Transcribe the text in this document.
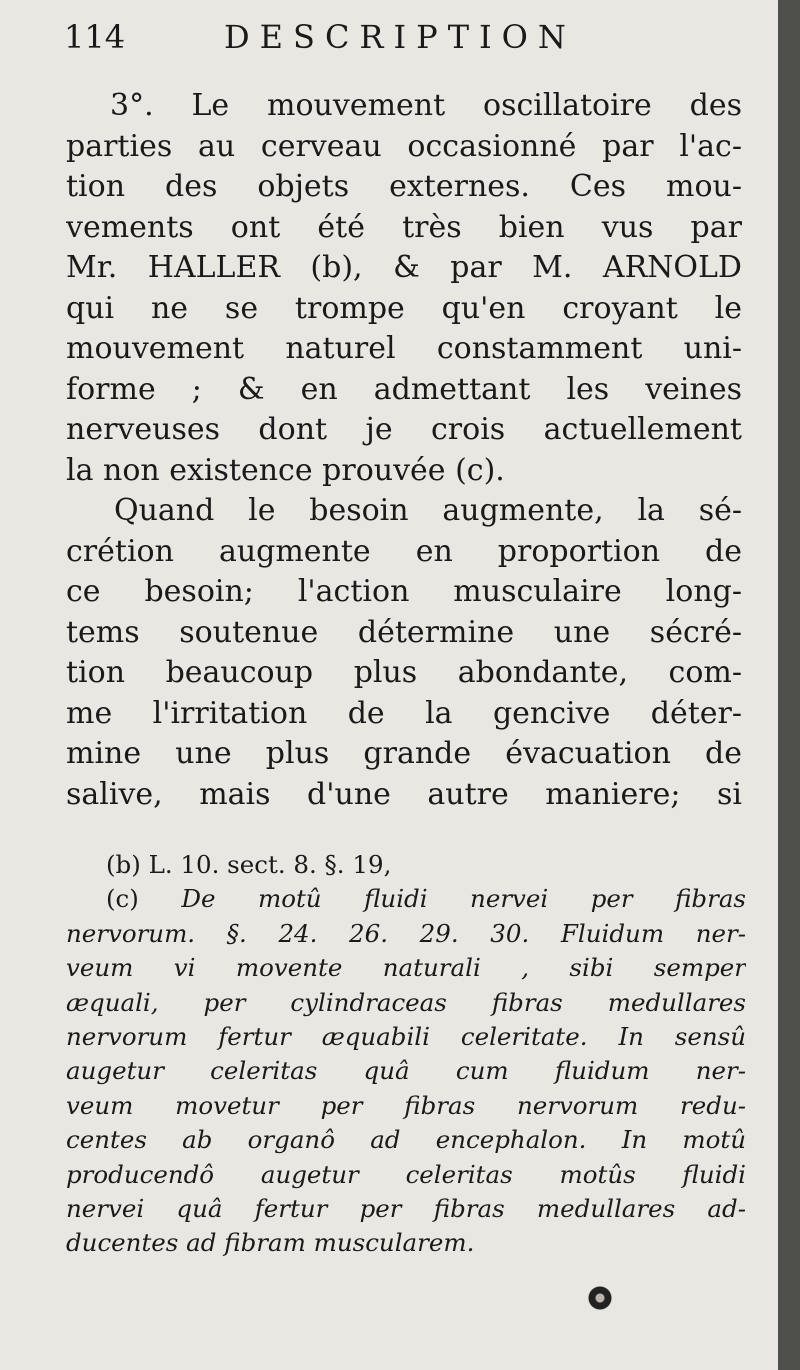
114	DESCRIPTION
3°. Le mouvement oscillatoire des
parties au cerveau occasionné par l'ac-
tion des objets externes. Ces mou-
vements ont été très bien vus par
Mr. HALLER (b), & par M. ARNOLD
qui ne se trompe qu'en croyant le
mouvement naturel constamment uni-
forme ; & en admettant les veines
nerveuses dont je crois actuellement
la non existence prouvée (c).
Quand le besoin augmente, la sé-
crétion augmente en proportion de
ce besoin; l'action musculaire long-
tems soutenue détermine une sécré-
tion beaucoup plus abondante, com-
me l'irritation de la gencive déter-
mine une plus grande évacuation de
salive, mais d'une autre maniere; si
(b) L. 10. sect. 8. §. 19,
(c) De motû fluidi nervei per fibras
nervorum. §. 24. 26. 29. 30. Fluidum ner-
veum vi movente naturali , sibi semper
æquali, per cylindraceas fibras medullares
nervorum fertur æquabili celeritate. In sensû
augetur celeritas quâ cum fluidum ner-
veum movetur per fibras nervorum redu-
centes ab organô ad encephalon. In motû
producendô augetur celeritas motûs fluidi
nervei quâ fertur per fibras medullares ad-
ducentes ad fibram muscularem.
